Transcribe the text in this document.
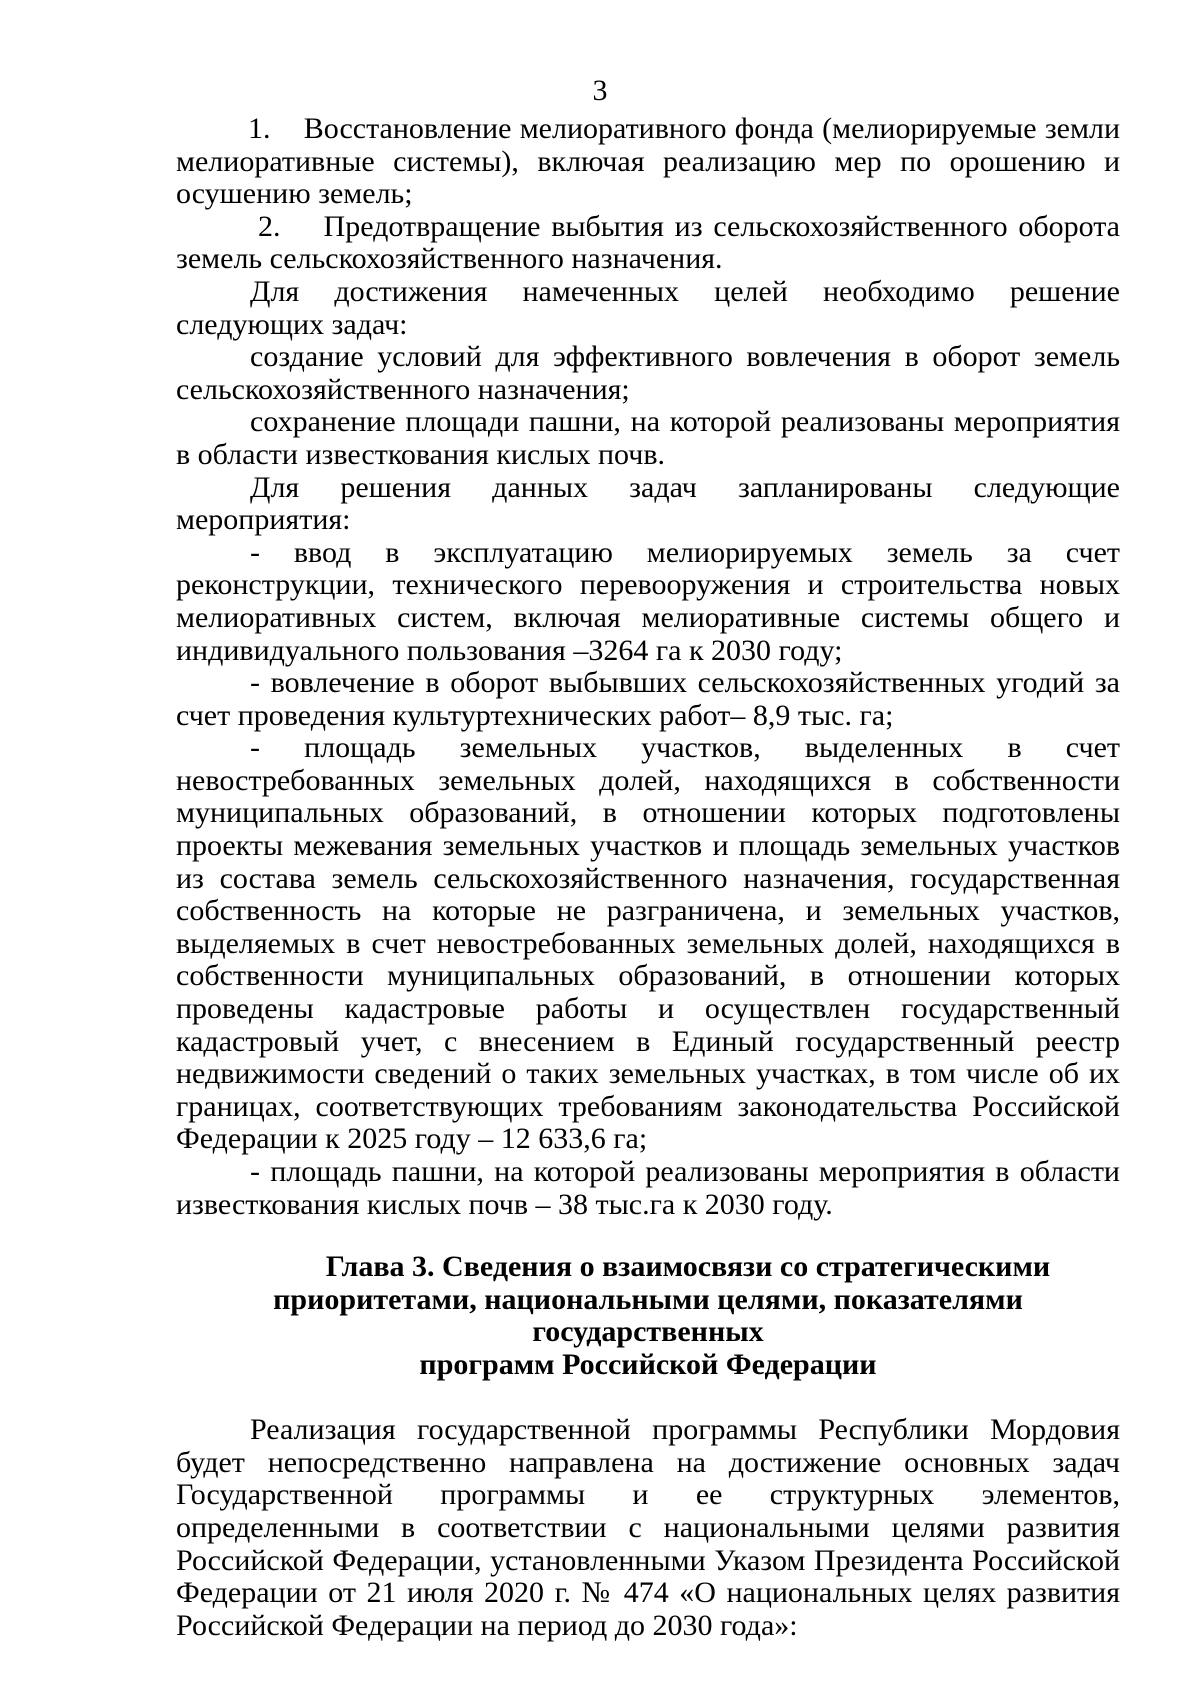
3

1.    Восстановление мелиоративного фонда (мелиорируемые земли мелиоративные системы), включая реализацию мер по орошению и осушению земель;

2.    Предотвращение выбытия из сельскохозяйственного оборота земель сельскохозяйственного назначения.

Для достижения намеченных целей необходимо решение следующих задач:

создание условий для эффективного вовлечения в оборот земель сельскохозяйственного назначения;

сохранение площади пашни, на которой реализованы мероприятия в области известкования кислых почв.

Для решения данных задач запланированы следующие мероприятия:

- ввод в эксплуатацию мелиорируемых земель за счет реконструкции, технического перевооружения и строительства новых мелиоративных систем, включая мелиоративные системы общего и индивидуального пользования –3264 га к 2030 году;

- вовлечение в оборот выбывших сельскохозяйственных угодий за счет проведения культуртехнических работ– 8,9 тыс. га;

- площадь земельных участков, выделенных в счет невостребованных земельных долей, находящихся в собственности муниципальных образований, в отношении которых подготовлены проекты межевания земельных участков и площадь земельных участков из состава земель сельскохозяйственного назначения, государственная собственность на которые не разграничена, и земельных участков, выделяемых в счет невостребованных земельных долей, находящихся в собственности муниципальных образований, в отношении которых проведены кадастровые работы и осуществлен государственный кадастровый учет, с внесением в Единый государственный реестр недвижимости сведений о таких земельных участках, в том числе об их границах, соответствующих требованиям законодательства Российской Федерации к 2025 году – 12 633,6 га;

- площадь пашни, на которой реализованы мероприятия в области известкования кислых почв – 38 тыс.га к 2030 году.

Глава 3. Сведения о взаимосвязи со стратегическими
приоритетами, национальными целями, показателями государственных
программ Российской Федерации

Реализация государственной программы Республики Мордовия будет непосредственно направлена на достижение основных задач Государственной программы и ее структурных элементов, определенными в соответствии с национальными целями развития Российской Федерации, установленными Указом Президента Российской Федерации от 21 июля 2020 г. № 474 «О национальных целях развития Российской Федерации на период до 2030 года»:
